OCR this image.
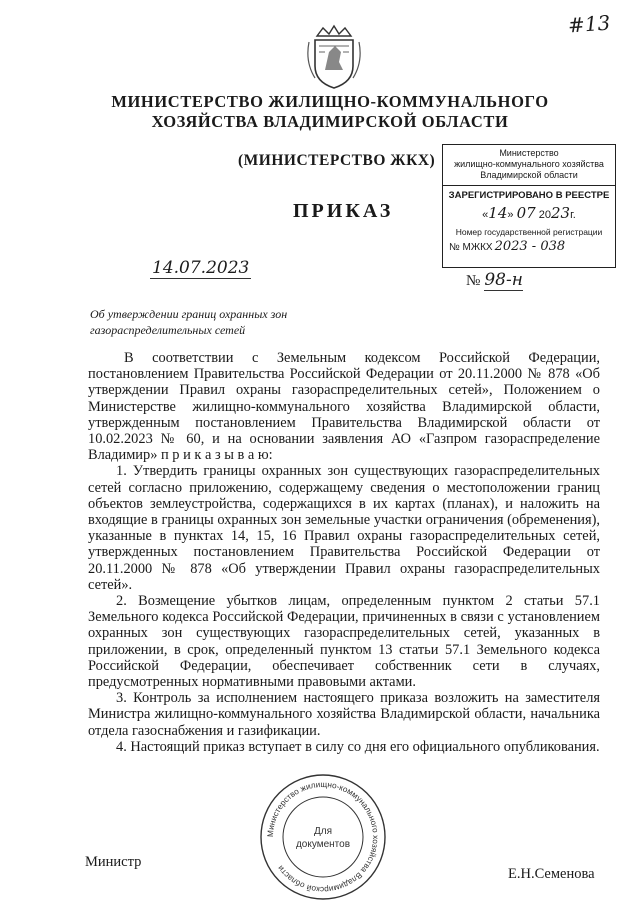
#13
МИНИСТЕРСТВО ЖИЛИЩНО-КОММУНАЛЬНОГО
ХОЗЯЙСТВА ВЛАДИМИРСКОЙ ОБЛАСТИ
(МИНИСТЕРСТВО ЖКХ)
ПРИКАЗ
Министерство
жилищно-коммунального хозяйства
Владимирской области
ЗАРЕГИСТРИРОВАНО В РЕЕСТРЕ
«14» 07 2023г.
Номер государственной регистрации
№ МЖКХ 2023 - 038
14.07.2023
№ 98-н
Об утверждении границ охранных зон газораспределительных сетей

В соответствии с Земельным кодексом Российской Федерации, постановлением Правительства Российской Федерации от 20.11.2000 № 878 «Об утверждении Правил охраны газораспределительных сетей», Положением о Министерстве жилищно-коммунального хозяйства Владимирской области, утвержденным постановлением Правительства Владимирской области от 10.02.2023 № 60, и на основании заявления АО «Газпром газораспределение Владимир» п р и к а з ы в а ю:

1. Утвердить границы охранных зон существующих газораспределительных сетей согласно приложению, содержащему сведения о местоположении границ объектов землеустройства, содержащихся в их картах (планах), и наложить на входящие в границы охранных зон земельные участки ограничения (обременения), указанные в пунктах 14, 15, 16 Правил охраны газораспределительных сетей, утвержденных постановлением Правительства Российской Федерации от 20.11.2000 № 878 «Об утверждении Правил охраны газораспределительных сетей».

2. Возмещение убытков лицам, определенным пунктом 2 статьи 57.1 Земельного кодекса Российской Федерации, причиненных в связи с установлением охранных зон существующих газораспределительных сетей, указанных в приложении, в срок, определенный пунктом 13 статьи 57.1 Земельного кодекса Российской Федерации, обеспечивает собственник сети в случаях, предусмотренных нормативными правовыми актами.

3. Контроль за исполнением настоящего приказа возложить на заместителя Министра жилищно-коммунального хозяйства Владимирской области, начальника отдела газоснабжения и газификации.

4. Настоящий приказ вступает в силу со дня его официального опубликования.

Министерство жилищно-коммунального хозяйства Владимирской области
Для
документов
Министр
Е.Н.Семенова
